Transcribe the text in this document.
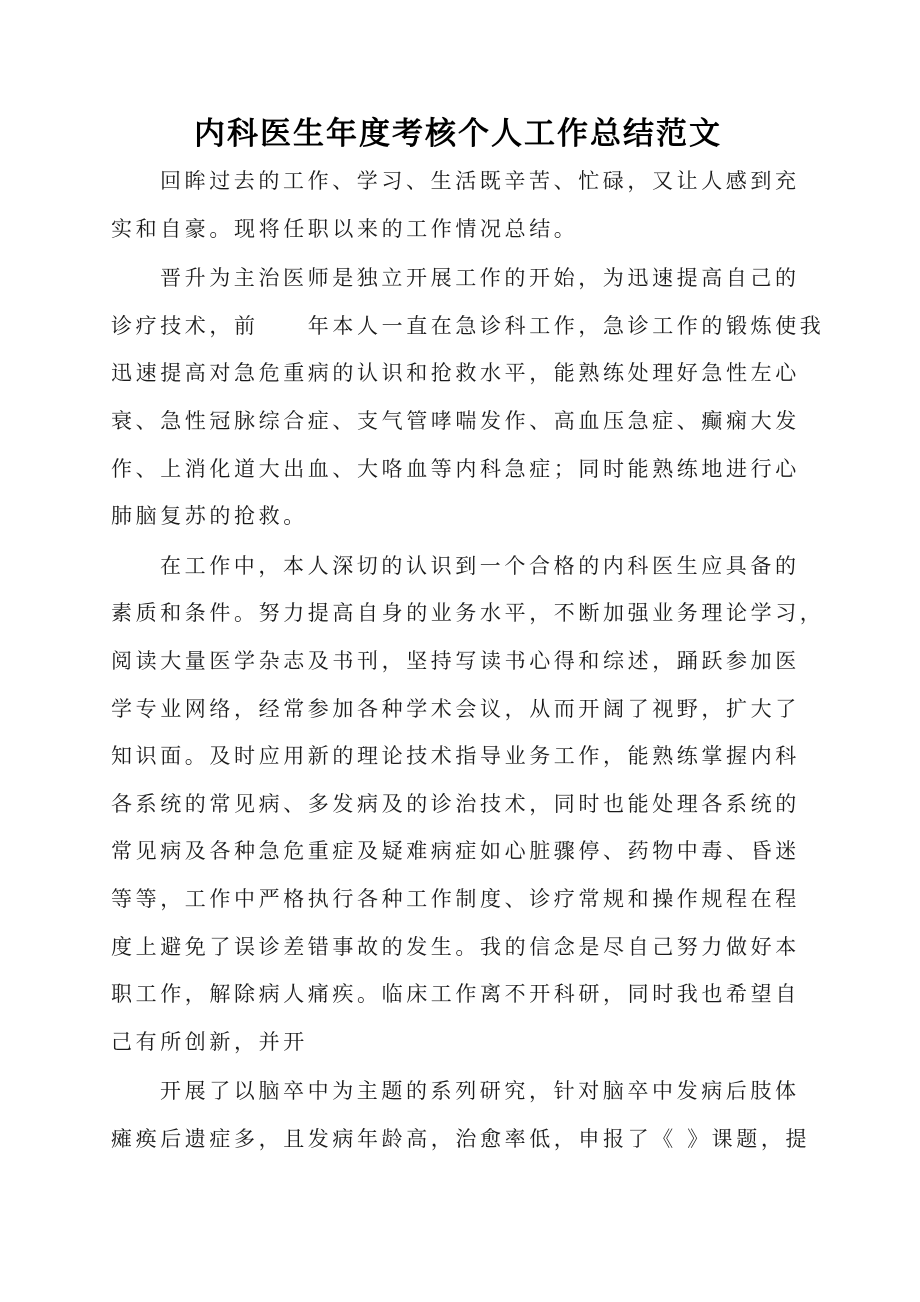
内科医生年度考核个人工作总结范文

回眸过去的工作、学习、生活既辛苦、忙碌，又让人感到充
实和自豪。现将任职以来的工作情况总结。

晋升为主治医师是独立开展工作的开始，为迅速提高自己的
诊疗技术，前　　年本人一直在急诊科工作，急诊工作的锻炼使我
迅速提高对急危重病的认识和抢救水平，能熟练处理好急性左心
衰、急性冠脉综合症、支气管哮喘发作、高血压急症、癫痫大发
作、上消化道大出血、大咯血等内科急症；同时能熟练地进行心
肺脑复苏的抢救。

在工作中，本人深切的认识到一个合格的内科医生应具备的
素质和条件。努力提高自身的业务水平，不断加强业务理论学习，
阅读大量医学杂志及书刊，坚持写读书心得和综述，踊跃参加医
学专业网络，经常参加各种学术会议，从而开阔了视野，扩大了
知识面。及时应用新的理论技术指导业务工作，能熟练掌握内科
各系统的常见病、多发病及的诊治技术，同时也能处理各系统的
常见病及各种急危重症及疑难病症如心脏骤停、药物中毒、昏迷
等等，工作中严格执行各种工作制度、诊疗常规和操作规程在程
度上避免了误诊差错事故的发生。我的信念是尽自己努力做好本
职工作，解除病人痛疾。临床工作离不开科研，同时我也希望自
己有所创新，并开

开展了以脑卒中为主题的系列研究，针对脑卒中发病后肢体
瘫痪后遗症多，且发病年龄高，治愈率低，申报了《 》课题，提
